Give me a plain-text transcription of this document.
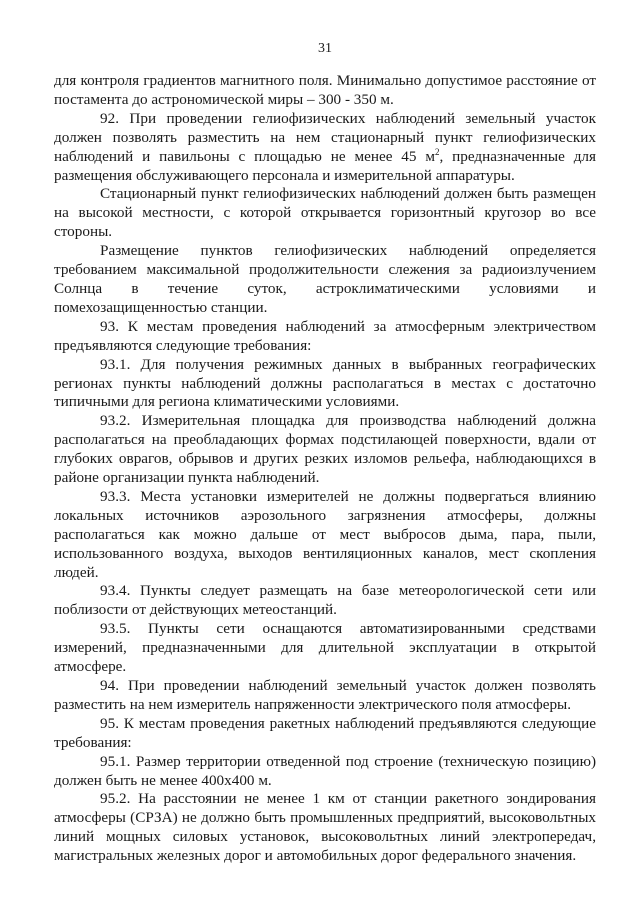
31

для контроля градиентов магнитного поля. Минимально допустимое расстояние от постамента до астрономической миры – 300 - 350 м.

92. При проведении гелиофизических наблюдений земельный участок должен позволять разместить на нем стационарный пункт гелиофизических наблюдений и павильоны с площадью не менее 45 $м^2$, предназначенные для размещения обслуживающего персонала и измерительной аппаратуры.

Стационарный пункт гелиофизических наблюдений должен быть размещен на высокой местности, с которой открывается горизонтный кругозор во все стороны.

Размещение пунктов гелиофизических наблюдений определяется требованием максимальной продолжительности слежения за радиоизлучением Солнца в течение суток, астроклиматическими условиями и помехозащищенностью станции.

93. К местам проведения наблюдений за атмосферным электричеством предъявляются следующие требования:

93.1. Для получения режимных данных в выбранных географических регионах пункты наблюдений должны располагаться в местах с достаточно типичными для региона климатическими условиями.

93.2. Измерительная площадка для производства наблюдений должна располагаться на преобладающих формах подстилающей поверхности, вдали от глубоких оврагов, обрывов и других резких изломов рельефа, наблюдающихся в районе организации пункта наблюдений.

93.3. Места установки измерителей не должны подвергаться влиянию локальных источников аэрозольного загрязнения атмосферы, должны располагаться как можно дальше от мест выбросов дыма, пара, пыли, использованного воздуха, выходов вентиляционных каналов, мест скопления людей.

93.4. Пункты следует размещать на базе метеорологической сети или поблизости от действующих метеостанций.

93.5. Пункты сети оснащаются автоматизированными средствами измерений, предназначенными для длительной эксплуатации в открытой атмосфере.

94. При проведении наблюдений земельный участок должен позволять разместить на нем измеритель напряженности электрического поля атмосферы.

95. К местам проведения ракетных наблюдений предъявляются следующие требования:

95.1. Размер территории отведенной под строение (техническую позицию) должен быть не менее 400х400 м.

95.2. На расстоянии не менее 1 км от станции ракетного зондирования атмосферы (СРЗА) не должно быть промышленных предприятий, высоковольтных линий мощных силовых установок, высоковольтных линий электропередач, магистральных железных дорог и автомобильных дорог федерального значения.
